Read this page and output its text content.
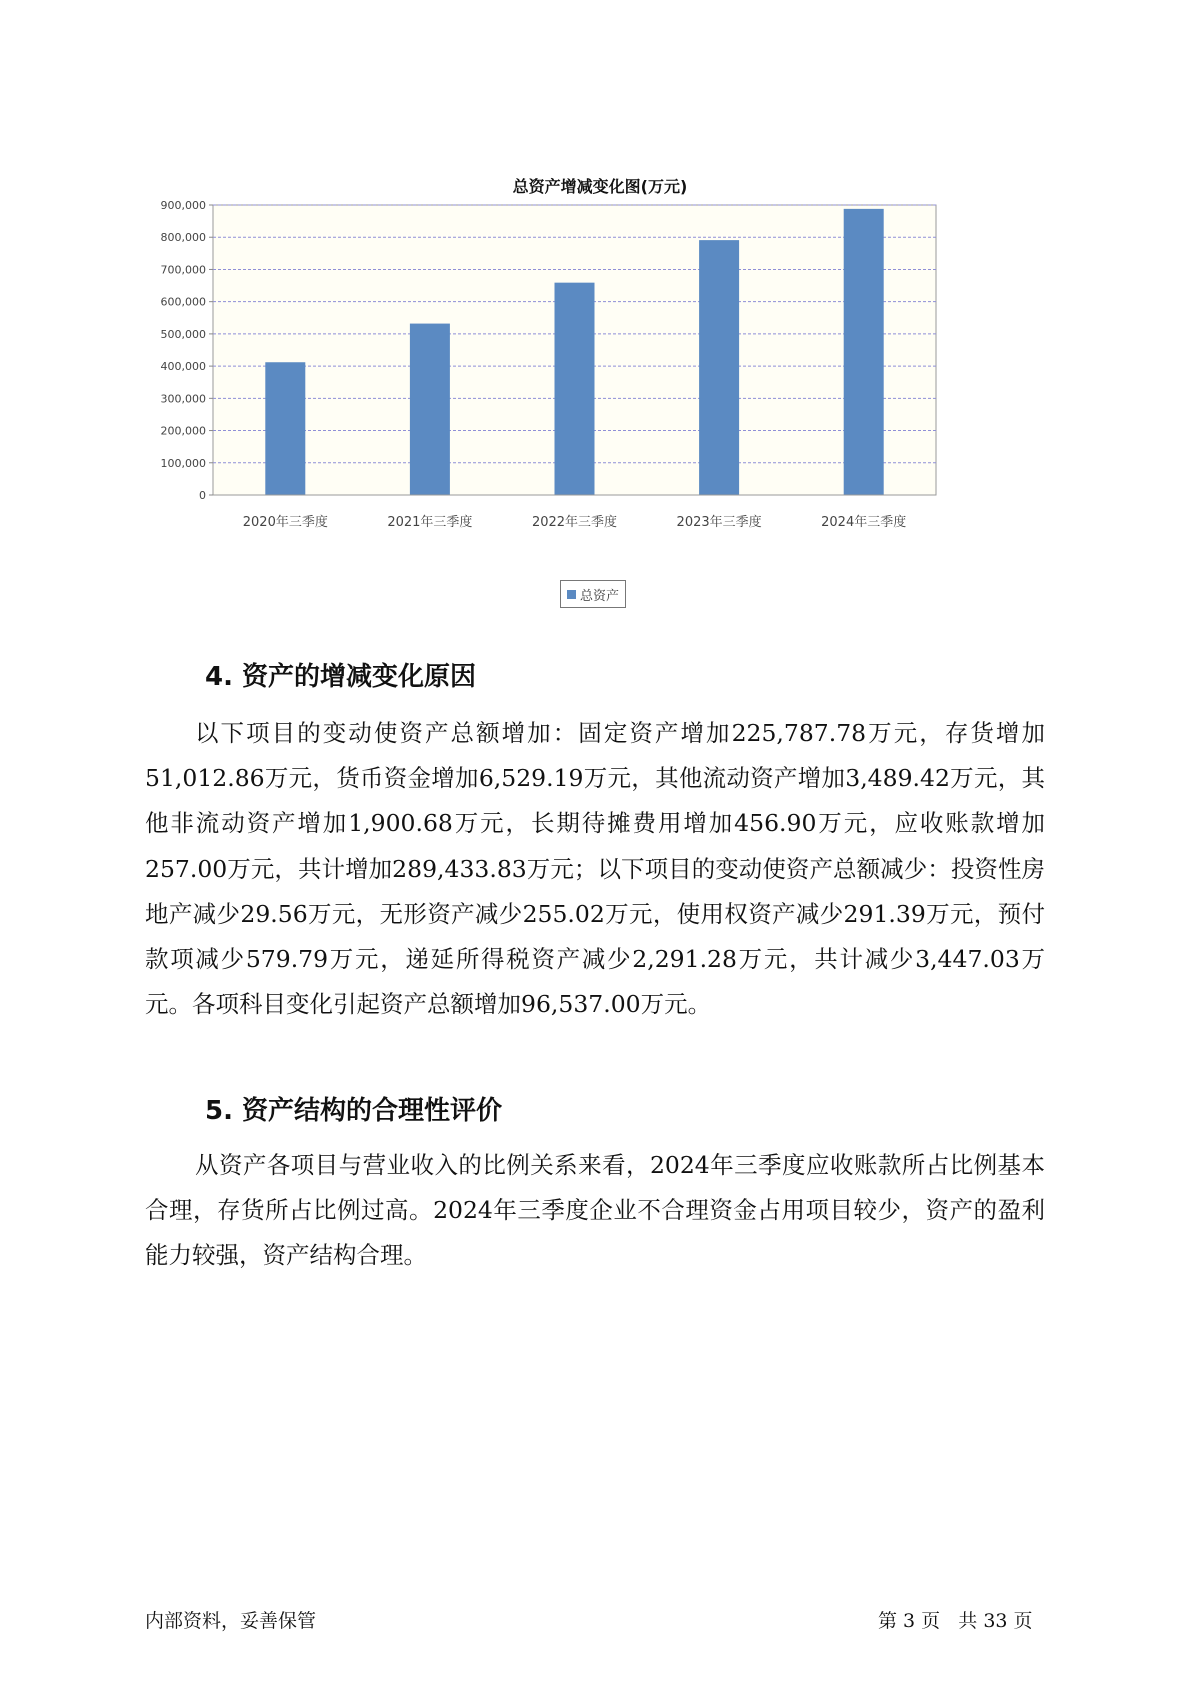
总资产增减变化图(万元)
0
100,000
200,000
300,000
400,000
500,000
600,000
700,000
800,000
900,000
2020年三季度	2021年三季度	2022年三季度	2023年三季度	2024年三季度
总资产
4. 资产的增减变化原因

以下项目的变动使资产总额增加：固定资产增加225,787.78万元，存货增加51,012.86万元，货币资金增加6,529.19万元，其他流动资产增加3,489.42万元，其他非流动资产增加1,900.68万元，长期待摊费用增加456.90万元，应收账款增加257.00万元，共计增加289,433.83万元；以下项目的变动使资产总额减少：投资性房地产减少29.56万元，无形资产减少255.02万元，使用权资产减少291.39万元，预付款项减少579.79万元，递延所得税资产减少2,291.28万元，共计减少3,447.03万元。各项科目变化引起资产总额增加96,537.00万元。

5. 资产结构的合理性评价

从资产各项目与营业收入的比例关系来看，2024年三季度应收账款所占比例基本合理，存货所占比例过高。2024年三季度企业不合理资金占用项目较少，资产的盈利能力较强，资产结构合理。

内部资料，妥善保管	第 3 页   共 33 页
